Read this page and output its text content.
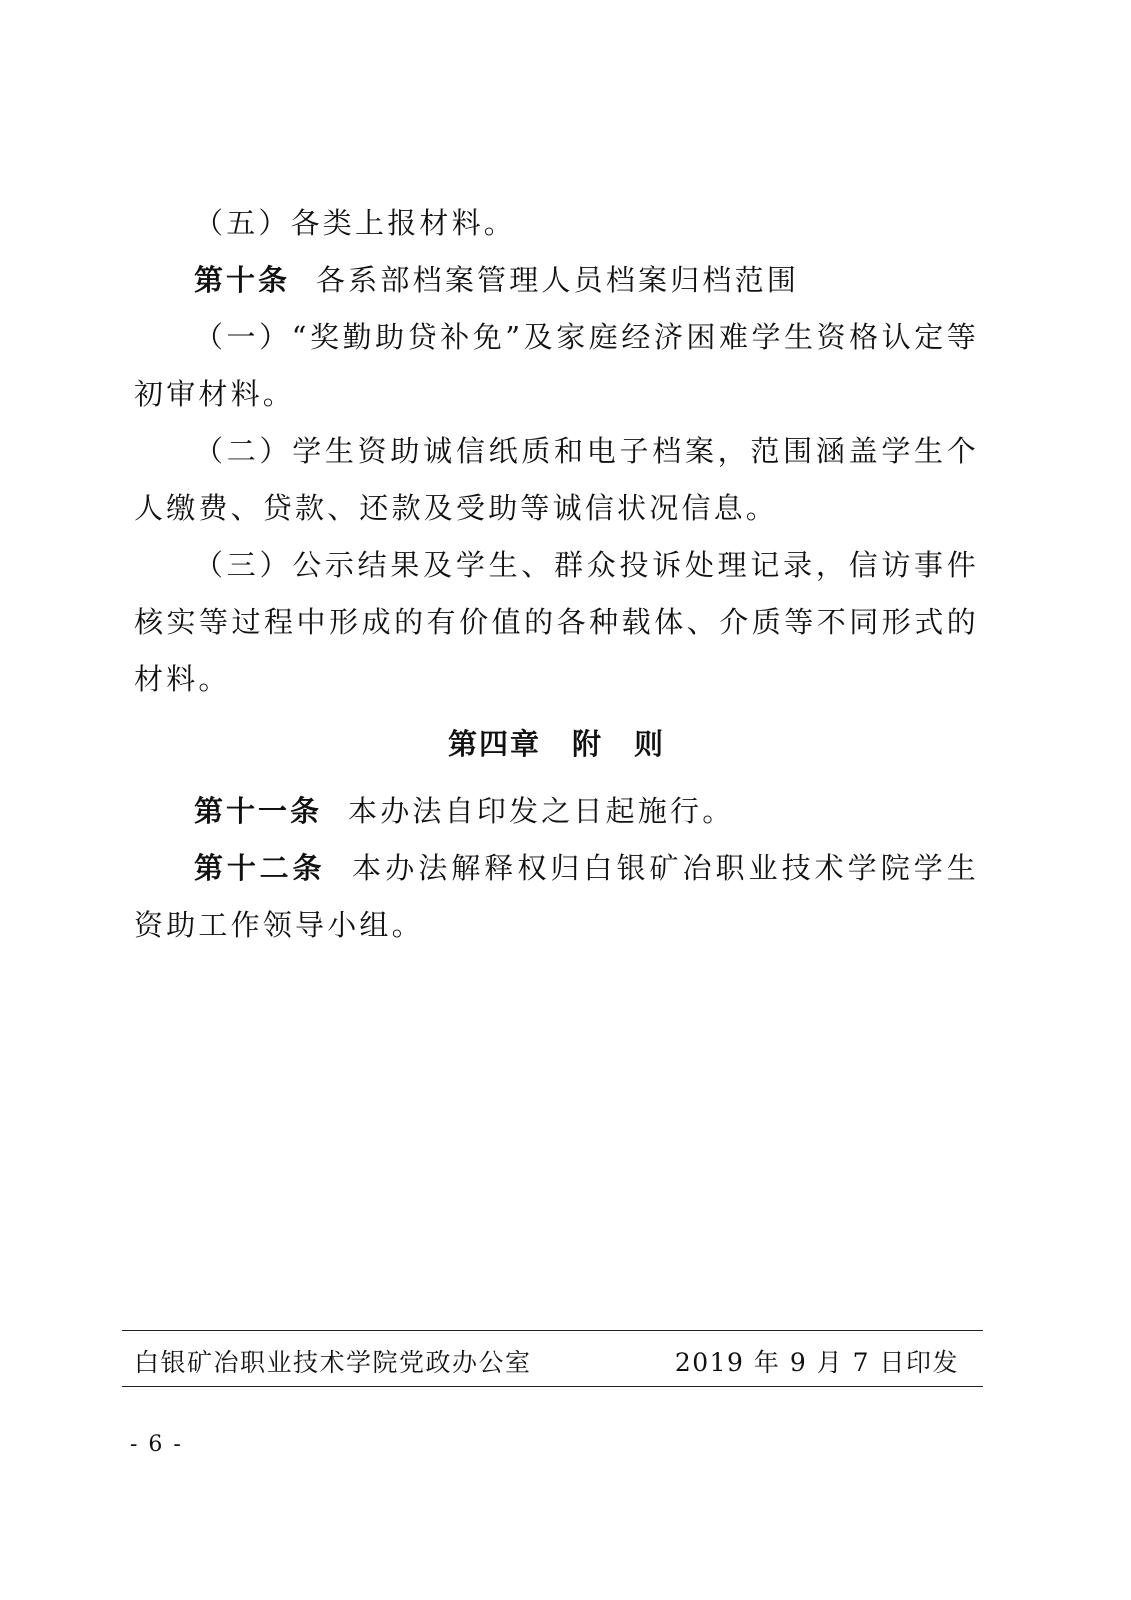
（五）各类上报材料。

第十条 各系部档案管理人员档案归档范围

（一）“奖勤助贷补免”及家庭经济困难学生资格认定等初审材料。

（二）学生资助诚信纸质和电子档案，范围涵盖学生个人缴费、贷款、还款及受助等诚信状况信息。

（三）公示结果及学生、群众投诉处理记录，信访事件核实等过程中形成的有价值的各种载体、介质等不同形式的材料。

第四章　附　则

第十一条 本办法自印发之日起施行。

第十二条 本办法解释权归白银矿冶职业技术学院学生资助工作领导小组。

白银矿冶职业技术学院党政办公室	2019 年 9 月 7 日印发
- 6 -
